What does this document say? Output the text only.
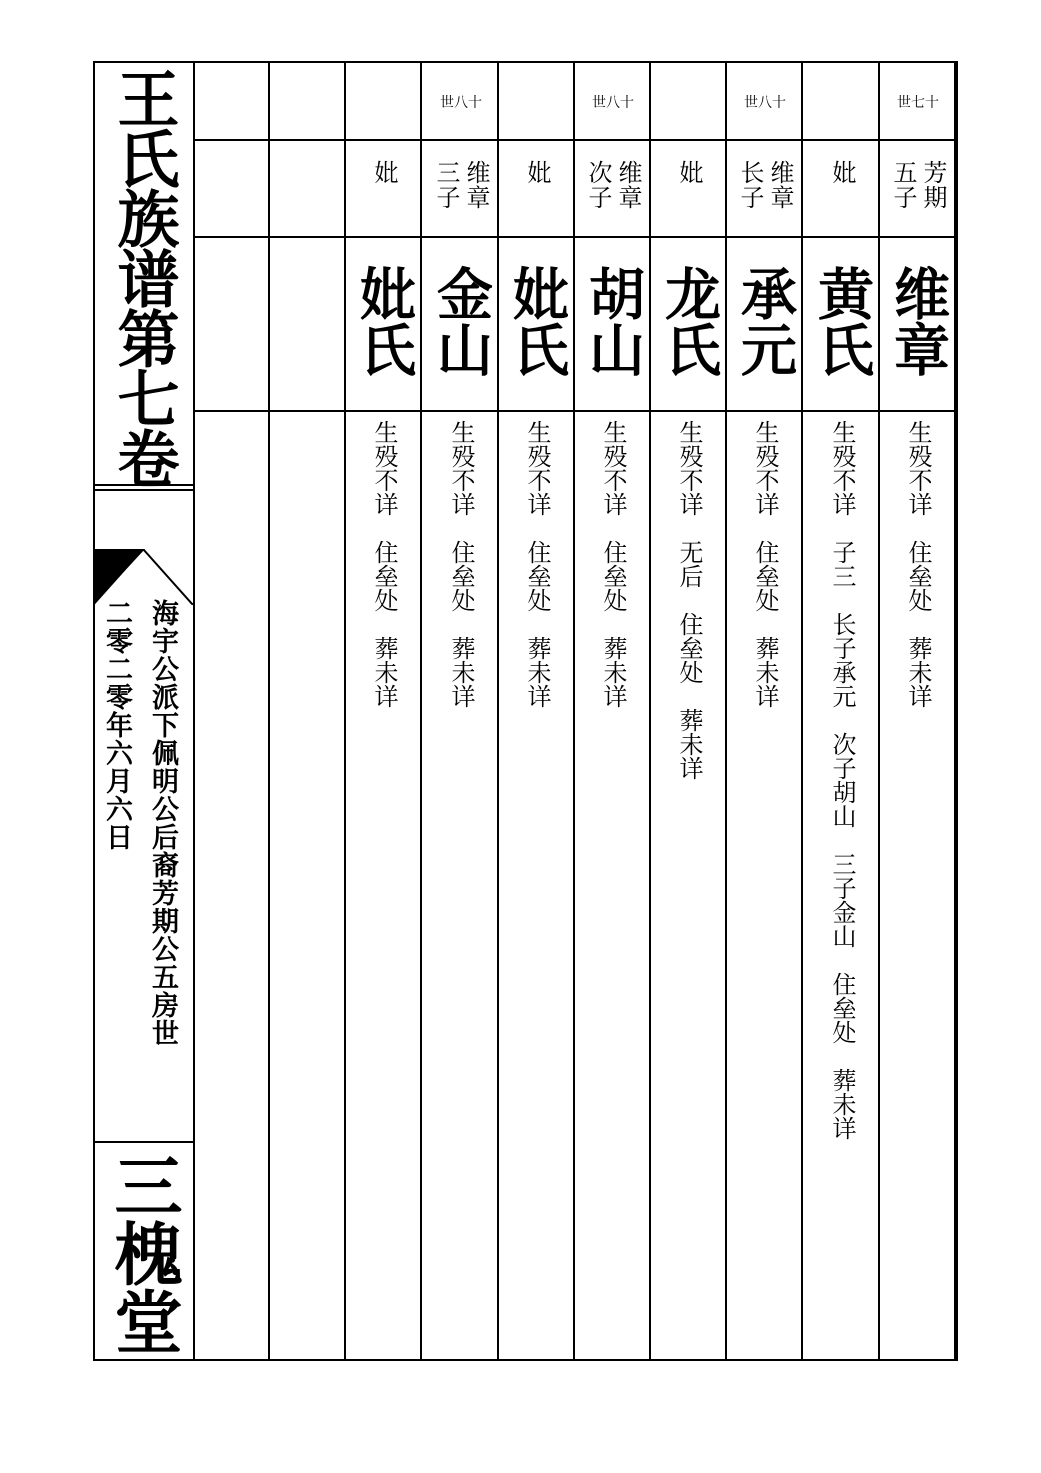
王氏族谱第七卷
海宇公派下佩明公后裔芳期公五房世
二零二零年六月六日
三槐堂
世七十
芳期五子
维章
生殁不详　住垒处　葬未详
妣
黄氏
生殁不详　子三　长子承元　次子胡山　三子金山　住垒处　葬未详
世八十
维章长子
承元
生殁不详　住垒处　葬未详
妣
龙氏
生殁不详　无后　住垒处　葬未详
世八十
维章次子
胡山
生殁不详　住垒处　葬未详
妣
妣氏
生殁不详　住垒处　葬未详
世八十
维章三子
金山
生殁不详　住垒处　葬未详
妣
妣氏
生殁不详　住垒处　葬未详
